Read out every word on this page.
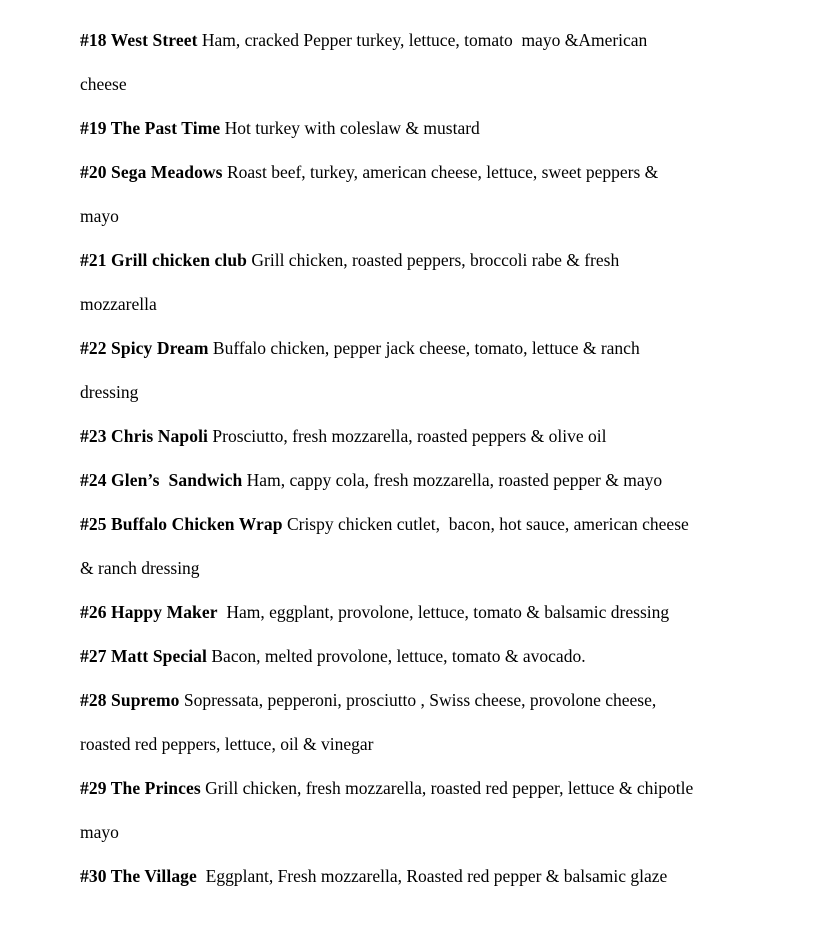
#18 West Street Ham, cracked Pepper turkey, lettuce, tomato  mayo &American
cheese

#19 The Past Time Hot turkey with coleslaw & mustard

#20 Sega Meadows Roast beef, turkey, american cheese, lettuce, sweet peppers &
mayo

#21 Grill chicken club Grill chicken, roasted peppers, broccoli rabe & fresh
mozzarella

#22 Spicy Dream Buffalo chicken, pepper jack cheese, tomato, lettuce & ranch
dressing

#23 Chris Napoli Prosciutto, fresh mozzarella, roasted peppers & olive oil

#24 Glen’s  Sandwich Ham, cappy cola, fresh mozzarella, roasted pepper & mayo

#25 Buffalo Chicken Wrap Crispy chicken cutlet,  bacon, hot sauce, american cheese
& ranch dressing

#26 Happy Maker  Ham, eggplant, provolone, lettuce, tomato & balsamic dressing

#27 Matt Special Bacon, melted provolone, lettuce, tomato & avocado.

#28 Supremo Sopressata, pepperoni, prosciutto , Swiss cheese, provolone cheese,
roasted red peppers, lettuce, oil & vinegar

#29 The Princes Grill chicken, fresh mozzarella, roasted red pepper, lettuce & chipotle
mayo

#30 The Village  Eggplant, Fresh mozzarella, Roasted red pepper & balsamic glaze
